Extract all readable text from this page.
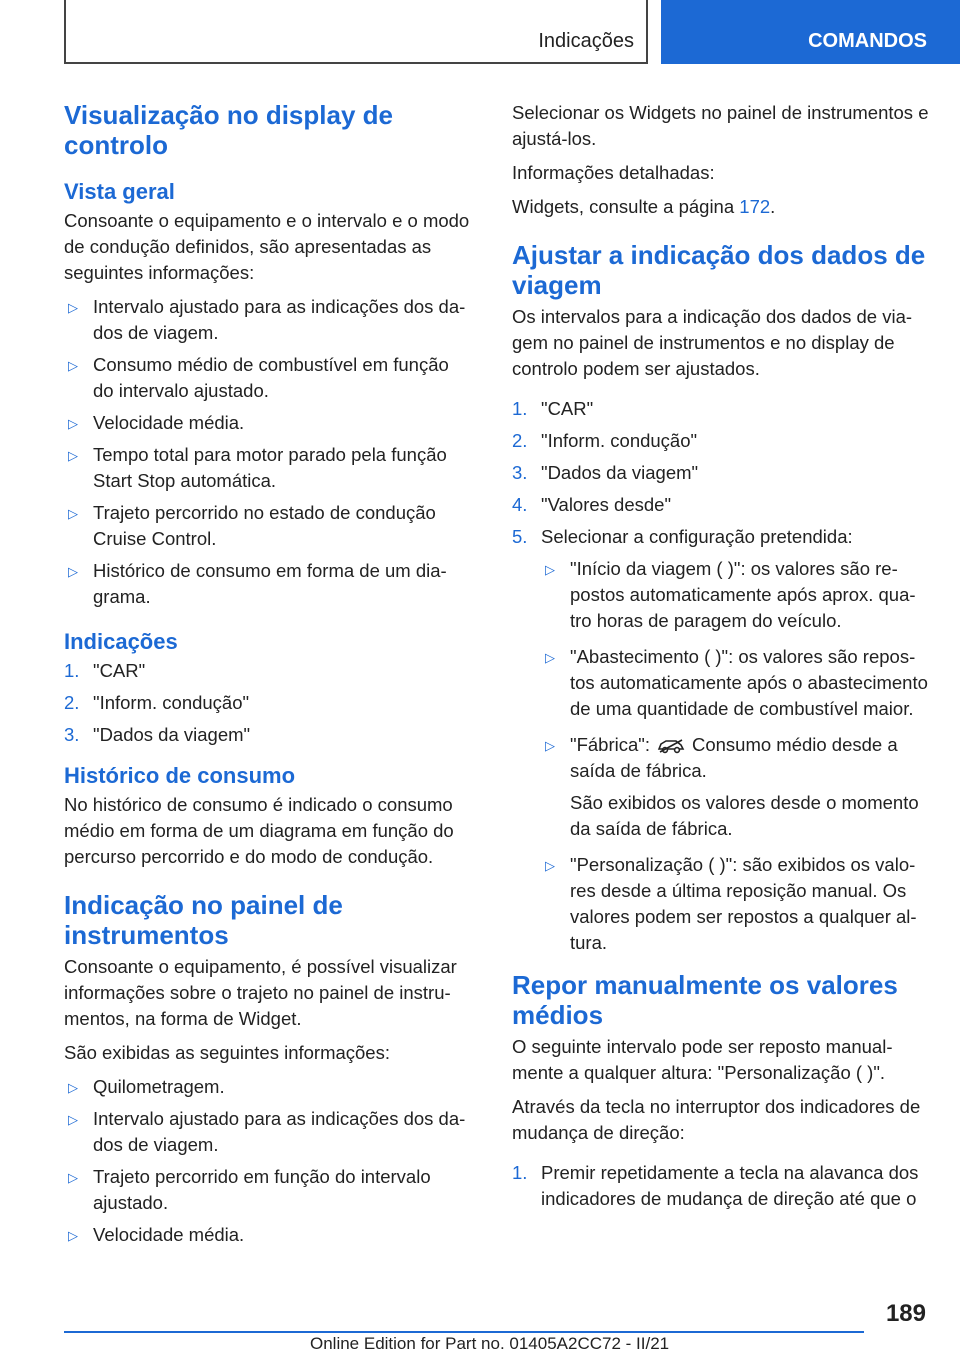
Indicações	COMANDOS
Visualização no display de controlo
Vista geral

Consoante o equipamento e o intervalo e o modo de condução definidos, são apresentadas as seguintes informações:

▷ Intervalo ajustado para as indicações dos dados de viagem.
▷ Consumo médio de combustível em função do intervalo ajustado.
▷ Velocidade média.
▷ Tempo total para motor parado pela função Start Stop automática.
▷ Trajeto percorrido no estado de condução Cruise Control.
▷ Histórico de consumo em forma de um diagrama.
Indicações
1. "CAR"
2. "Inform. condução"
3. "Dados da viagem"
Histórico de consumo

No histórico de consumo é indicado o consumo médio em forma de um diagrama em função do percurso percorrido e do modo de condução.

Indicação no painel de instrumentos

Consoante o equipamento, é possível visualizar informações sobre o trajeto no painel de instrumentos, na forma de Widget.

São exibidas as seguintes informações:

▷ Quilometragem.
▷ Intervalo ajustado para as indicações dos dados de viagem.
▷ Trajeto percorrido em função do intervalo ajustado.
▷ Velocidade média.

Selecionar os Widgets no painel de instrumentos e ajustá-los.

Informações detalhadas:

Widgets, consulte a página 172.

Ajustar a indicação dos dados de viagem

Os intervalos para a indicação dos dados de viagem no painel de instrumentos e no display de controlo podem ser ajustados.

1. "CAR"
2. "Inform. condução"
3. "Dados da viagem"
4. "Valores desde"
5. Selecionar a configuração pretendida:
▷ "Início da viagem ( )": os valores são repostos automaticamente após aprox. quatro horas de paragem do veículo.
▷ "Abastecimento ( )": os valores são repostos automaticamente após o abastecimento de uma quantidade de combustível maior.
▷ "Fábrica": Consumo médio desde a saída de fábrica.
São exibidos os valores desde o momento da saída de fábrica.
▷ "Personalização ( )": são exibidos os valores desde a última reposição manual. Os valores podem ser repostos a qualquer altura.
Repor manualmente os valores médios

O seguinte intervalo pode ser reposto manualmente a qualquer altura: "Personalização ( )".

Através da tecla no interruptor dos indicadores de mudança de direção:

1. Premir repetidamente a tecla na alavanca dos indicadores de mudança de direção até que o
189
Online Edition for Part no. 01405A2CC72 - II/21
